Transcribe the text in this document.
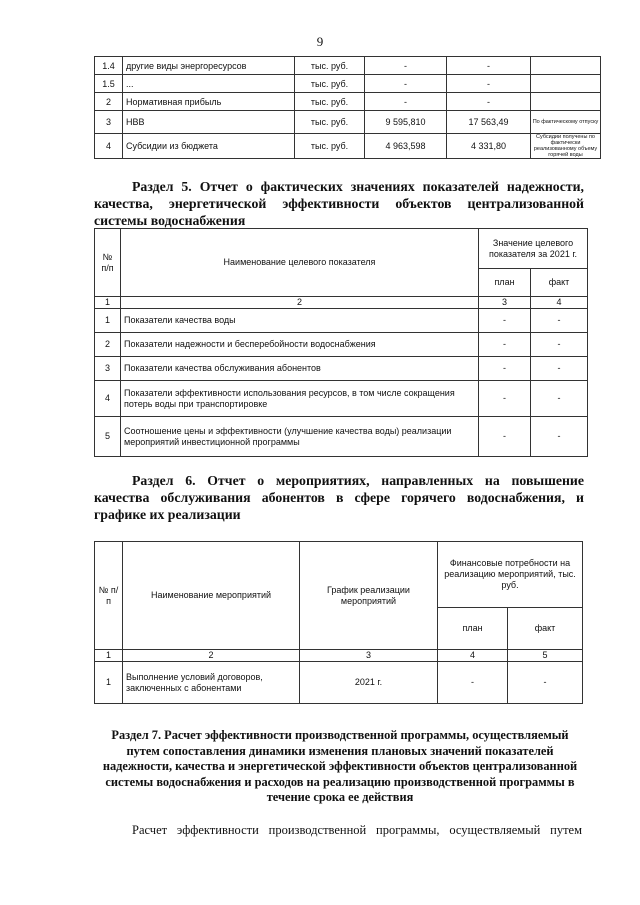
9
1.4	другие виды энергоресурсов	тыс. руб.	-	-	
1.5	...	тыс. руб.	-	-	
2	Нормативная прибыль	тыс. руб.	-	-	
3	НВВ	тыс. руб.	9 595,810	17 563,49	По фактическому отпуску
4	Субсидии из бюджета	тыс. руб.	4 963,598	4 331,80	Субсидии получены по фактически реализованному объему горячей воды
Раздел 5. Отчет о фактических значениях показателей надежности, качества, энергетической эффективности объектов централизованной системы водоснабжения
№ п/п	Наименование целевого показателя	Значение целевого показателя за 2021 г.	
		план	факт
1	2	3	4
1	Показатели качества воды	-	-
2	Показатели надежности и бесперебойности водоснабжения	-	-
3	Показатели качества обслуживания абонентов	-	-
4	Показатели эффективности использования ресурсов, в том числе сокращения потерь воды при транспортировке	-	-
5	Соотношение цены и эффективности (улучшение качества воды) реализации мероприятий инвестиционной программы	-	-
Раздел 6. Отчет о мероприятиях, направленных на повышение качества обслуживания абонентов в сфере горячего водоснабжения, и графике их реализации
№ п/п	Наименование мероприятий	График реализации мероприятий	Финансовые потребности на реализацию мероприятий, тыс. руб.	
			план	факт
1	2	3	4	5
1	Выполнение условий договоров, заключенных с абонентами	2021 г.	-	-
Раздел 7. Расчет эффективности производственной программы, осуществляемый путем сопоставления динамики изменения плановых значений показателей надежности, качества и энергетической эффективности объектов централизованной системы водоснабжения и расходов на реализацию производственной программы в течение срока ее действия
Расчет эффективности производственной программы, осуществляемый путем
